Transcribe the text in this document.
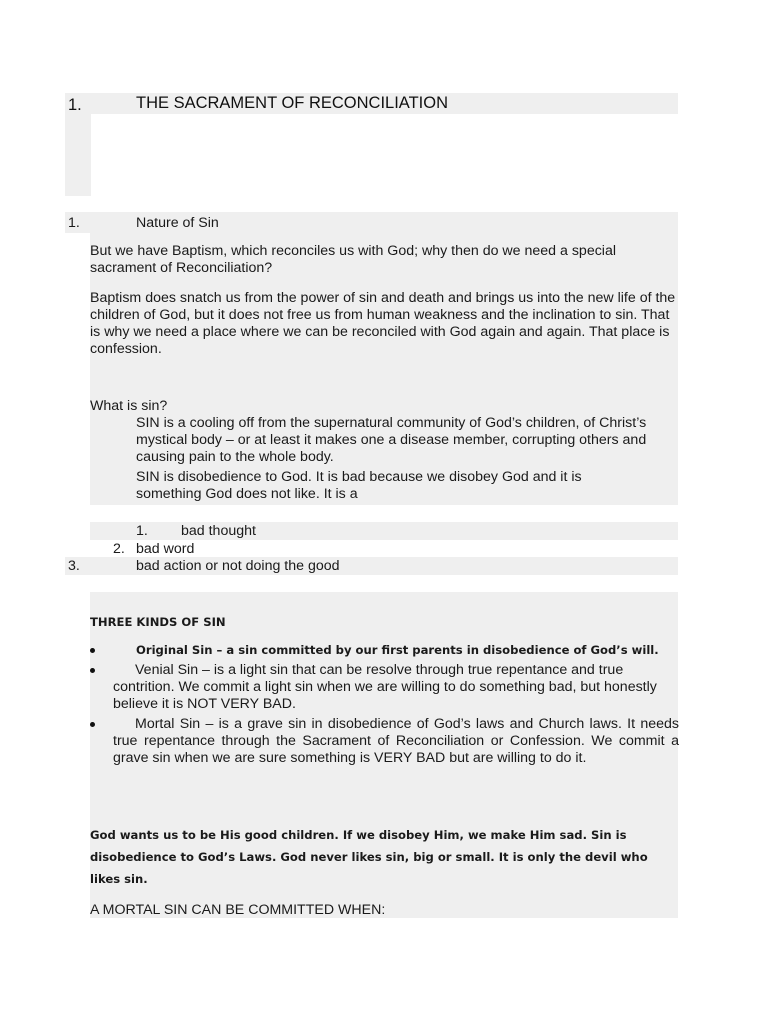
1.	THE SACRAMENT OF RECONCILIATION

1.	Nature of Sin

But we have Baptism, which reconciles us with God; why then do we need a special sacrament of Reconciliation?

Baptism does snatch us from the power of sin and death and brings us into the new life of the children of God, but it does not free us from human weakness and the inclination to sin. That is why we need a place where we can be reconciled with God again and again. That place is confession.

What is sin?

SIN is a cooling off from the supernatural community of God’s children, of Christ’s mystical body – or at least it makes one a disease member, corrupting others and causing pain to the whole body.

SIN is disobedience to God. It is bad because we disobey God and it is something God does not like. It is a

1. bad thought

2. bad word

3.	bad action or not doing the good

THREE KINDS OF SIN

Original Sin – a sin committed by our first parents in disobedience of God’s will.

Venial Sin – is a light sin that can be resolve through true repentance and true contrition. We commit a light sin when we are willing to do something bad, but honestly believe it is NOT VERY BAD.

Mortal Sin – is a grave sin in disobedience of God’s laws and Church laws. It needs true repentance through the Sacrament of Reconciliation or Confession. We commit a grave sin when we are sure something is VERY BAD but are willing to do it.

God wants us to be His good children. If we disobey Him, we make Him sad. Sin is disobedience to God’s Laws. God never likes sin, big or small. It is only the devil who likes sin.

A MORTAL SIN CAN BE COMMITTED WHEN:
